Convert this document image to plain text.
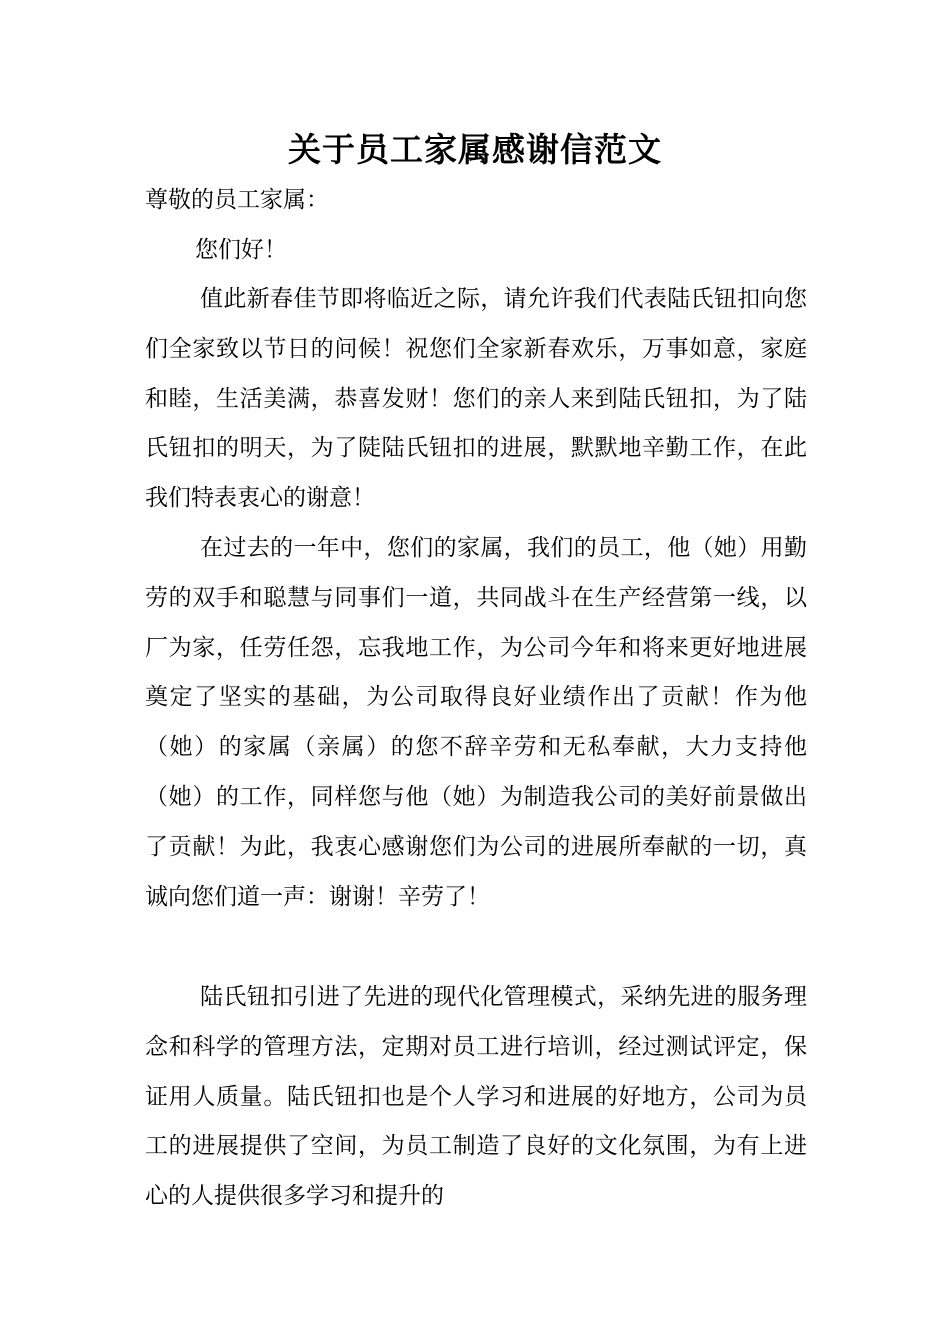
关于员工家属感谢信范文
尊敬的员工家属：
您们好！

值此新春佳节即将临近之际，请允许我们代表陆氏钮扣向您们全家致以节日的问候！祝您们全家新春欢乐，万事如意，家庭和睦，生活美满，恭喜发财！您们的亲人来到陆氏钮扣，为了陆氏钮扣的明天，为了陡陆氏钮扣的进展，默默地辛勤工作，在此我们特表衷心的谢意！

在过去的一年中，您们的家属，我们的员工，他（她）用勤劳的双手和聪慧与同事们一道，共同战斗在生产经营第一线，以厂为家，任劳任怨，忘我地工作，为公司今年和将来更好地进展奠定了坚实的基础，为公司取得良好业绩作出了贡献！作为他（她）的家属（亲属）的您不辞辛劳和无私奉献，大力支持他（她）的工作，同样您与他（她）为制造我公司的美好前景做出了贡献！为此，我衷心感谢您们为公司的进展所奉献的一切，真诚向您们道一声：谢谢！辛劳了！

陆氏钮扣引进了先进的现代化管理模式，采纳先进的服务理念和科学的管理方法，定期对员工进行培训，经过测试评定，保证用人质量。陆氏钮扣也是个人学习和进展的好地方，公司为员工的进展提供了空间，为员工制造了良好的文化氛围，为有上进心的人提供很多学习和提升的
